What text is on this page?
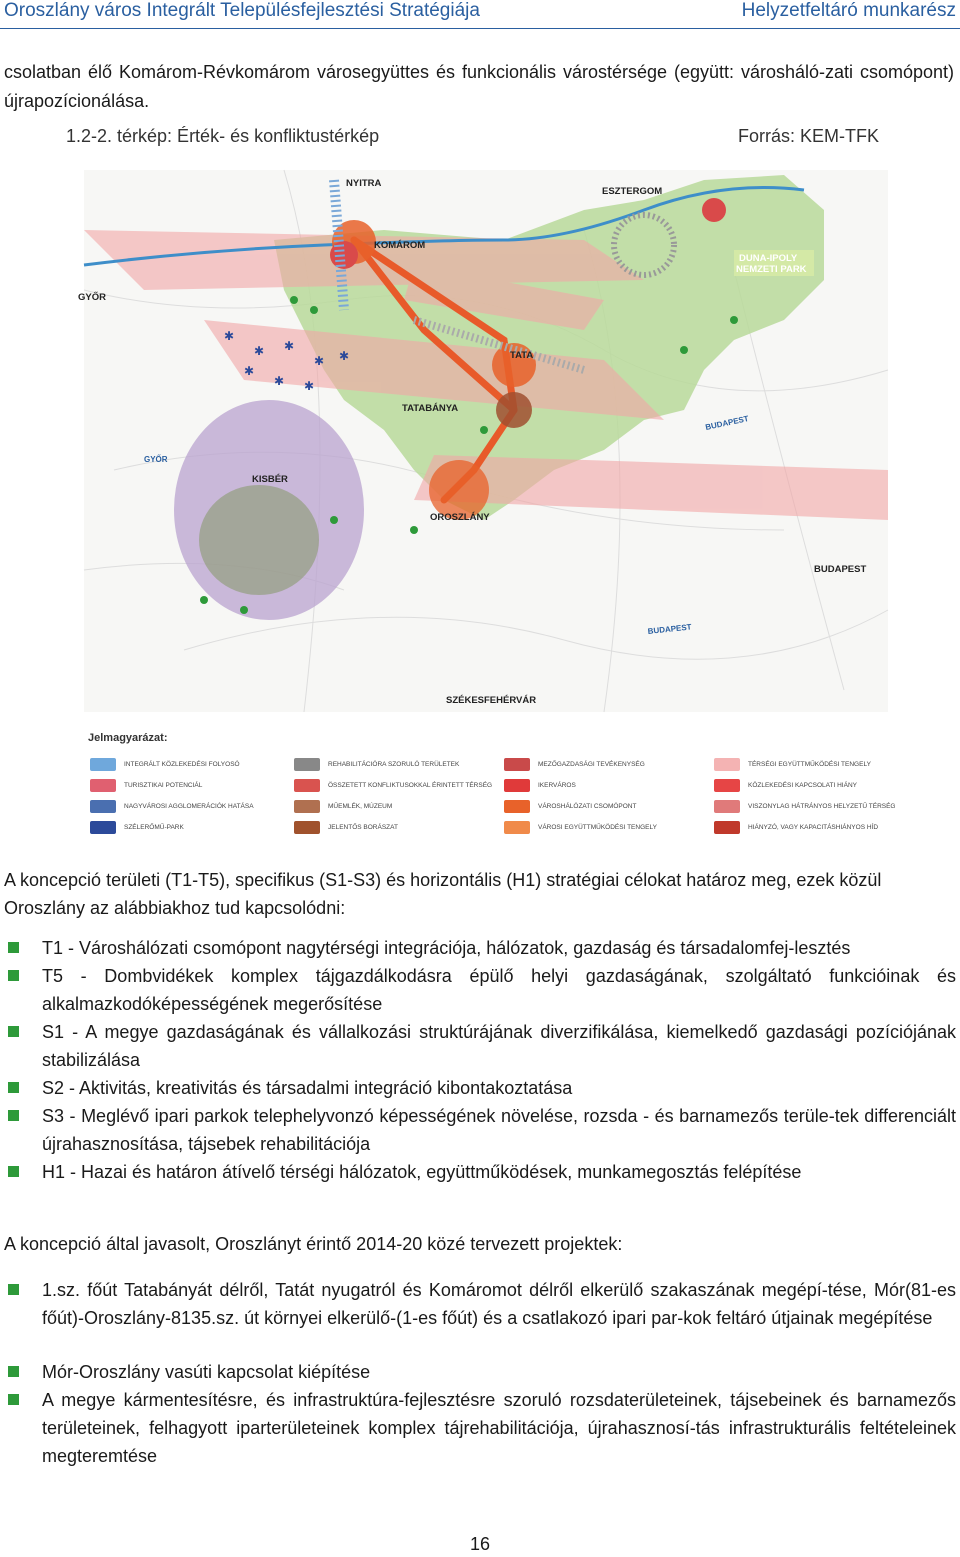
Oroszlány város Integrált Településfejlesztési Stratégiája	Helyzetfeltáró munkarész
csolatban élő Komárom-Révkomárom városegyüttes és funkcionális várostérsége (együtt: városháló-zati csomópont) újrapozícionálása.
1.2-2. térkép: Érték- és konfliktustérkép	Forrás: KEM-TFK
✱
✱ ✱
✱ ✱
✱
✱ ✱
NYITRA
ESZTERGOM
KOMÁROM
DUNA-IPOLY
NEMZETI PARK
GYŐR
TATA
TATABÁNYA
BUDAPEST
GYŐR
KISBÉR
OROSZLÁNY
BUDAPEST
BUDAPEST
SZÉKESFEHÉRVÁR
Jelmagyarázat:
INTEGRÁLT KÖZLEKEDÉSI FOLYOSÓ
TURISZTIKAI POTENCIÁL
NAGYVÁROSI AGGLOMERÁCIÓK HATÁSA
SZÉLERŐMŰ-PARK
REHABILITÁCIÓRA SZORULÓ TERÜLETEK
ÖSSZETETT KONFLIKTUSOKKAL ÉRINTETT TÉRSÉG
MŰEMLÉK, MÚZEUM
JELENTŐS BORÁSZAT
MEZŐGAZDASÁGI TEVÉKENYSÉG
IKERVÁROS
VÁROSHÁLÓZATI CSOMÓPONT
VÁROSI EGYÜTTMŰKÖDÉSI TENGELY
TÉRSÉGI EGYÜTTMŰKÖDÉSI TENGELY
KÖZLEKEDÉSI KAPCSOLATI HIÁNY
VISZONYLAG HÁTRÁNYOS HELYZETŰ TÉRSÉG
HIÁNYZÓ, VAGY KAPACITÁSHIÁNYOS HÍD
A koncepció területi (T1-T5), specifikus (S1-S3) és horizontális (H1) stratégiai célokat határoz meg, ezek közül Oroszlány az alábbiakhoz tud kapcsolódni:
T1 - Városhálózati csomópont nagytérségi integrációja, hálózatok, gazdaság és társadalomfej-lesztés
T5 - Dombvidékek komplex tájgazdálkodásra épülő helyi gazdaságának, szolgáltató funkcióinak és alkalmazkodóképességének megerősítése
S1 - A megye gazdaságának és vállalkozási struktúrájának diverzifikálása, kiemelkedő gazdasági pozíciójának stabilizálása
S2 - Aktivitás, kreativitás és társadalmi integráció kibontakoztatása
S3 - Meglévő ipari parkok telephelyvonzó képességének növelése, rozsda - és barnamezős terüle-tek differenciált újrahasznosítása, tájsebek rehabilitációja
H1 - Hazai és határon átívelő térségi hálózatok, együttműködések, munkamegosztás felépítése
A koncepció által javasolt, Oroszlányt érintő 2014-20 közé tervezett projektek:
1.sz. főút Tatabányát délről, Tatát nyugatról és Komáromot délről elkerülő szakaszának megépí-tése, Mór(81-es főút)-Oroszlány-8135.sz. út környei elkerülő-(1-es főút) és a csatlakozó ipari par-kok feltáró útjainak megépítése
Mór-Oroszlány vasúti kapcsolat kiépítése
A megye kármentesítésre, és infrastruktúra-fejlesztésre szoruló rozsdaterületeinek, tájsebeinek és barnamezős területeinek, felhagyott iparterületeinek komplex tájrehabilitációja, újrahasznosí-tás infrastrukturális feltételeinek megteremtése
16
